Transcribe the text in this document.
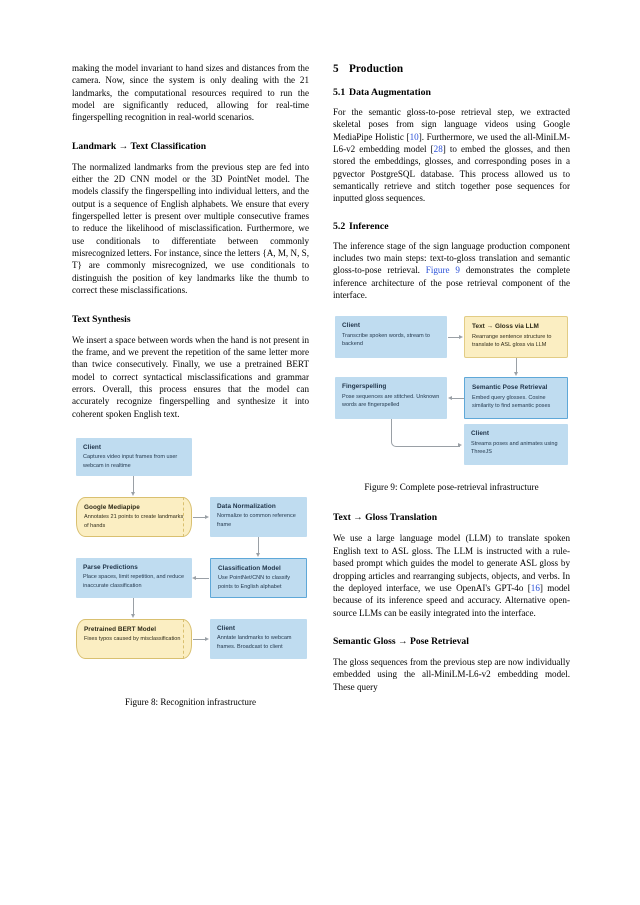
making the model invariant to hand sizes and distances from the camera. Now, since the system is only dealing with the 21 landmarks, the computational resources required to run the model are significantly reduced, allowing for real-time fingerspelling recognition in real-world scenarios.

Landmark → Text Classification

The normalized landmarks from the previous step are fed into either the 2D CNN model or the 3D PointNet model. The models classify the fingerspelling into individual letters, and the output is a sequence of English alphabets. We ensure that every fingerspelled letter is present over multiple consecutive frames to reduce the likelihood of misclassification. Furthermore, we use conditionals to differentiate between commonly misrecognized letters. For instance, since the letters {A, M, N, S, T} are commonly misrecognized, we use conditionals to distinguish the position of key landmarks like the thumb to correct these misclassifications.

Text Synthesis

We insert a space between words when the hand is not present in the frame, and we prevent the repetition of the same letter more than twice consecutively. Finally, we use a pretrained BERT model to correct syntactical misclassifications and grammar errors. Overall, this process ensures that the model can accurately recognize fingerspelling and synthesize it into coherent spoken English text.

Client
Captures video input frames from user webcam in realtime
Google Mediapipe
Annotates 21 points to create landmarks of hands
Data Normalization
Normalize to common reference frame
Classification Model
Use PointNet/CNN to classify points to English alphabet
Parse Predictions
Place spaces, limit repetition, and reduce inaccurate classification
Pretrained BERT Model
Fixes typos caused by misclassification
Client
Anntate landmarks to webcam frames. Broadcast to client
Figure 8: Recognition infrastructure
5 Production
5.1 Data Augmentation

For the semantic gloss-to-pose retrieval step, we extracted skeletal poses from sign language videos using Google MediaPipe Holistic [10]. Furthermore, we used the all-MiniLM-L6-v2 embedding model [28] to embed the glosses, and then stored the embeddings, glosses, and corresponding poses in a pgvector PostgreSQL database. This process allowed us to semantically retrieve and stitch together pose sequences for inputted gloss sequences.

5.2 Inference

The inference stage of the sign language production component includes two main steps: text-to-gloss translation and semantic gloss-to-pose retrieval. Figure 9 demonstrates the complete inference architecture of the pose retrieval component of the interface.

Client
Transcribe spoken words, stream to backend
Text → Gloss via LLM
Rearrange sentence structure to translate to ASL gloss via LLM
Semantic Pose Retrieval
Embed query glosses. Cosine similarity to find semantic poses
Fingerspelling
Pose sequences are stitched. Unknown words are fingerspelled
Client
Streams poses and animates using ThreeJS
Figure 9: Complete pose-retrieval infrastructure
Text → Gloss Translation

We use a large language model (LLM) to translate spoken English text to ASL gloss. The LLM is instructed with a rule-based prompt which guides the model to generate ASL gloss by dropping articles and rearranging subjects, objects, and verbs. In the deployed interface, we use OpenAI's GPT-4o [16] model because of its inference speed and accuracy. Alternative open-source LLMs can be easily integrated into the interface.

Semantic Gloss → Pose Retrieval

The gloss sequences from the previous step are now individually embedded using the all-MiniLM-L6-v2 embedding model. These query
